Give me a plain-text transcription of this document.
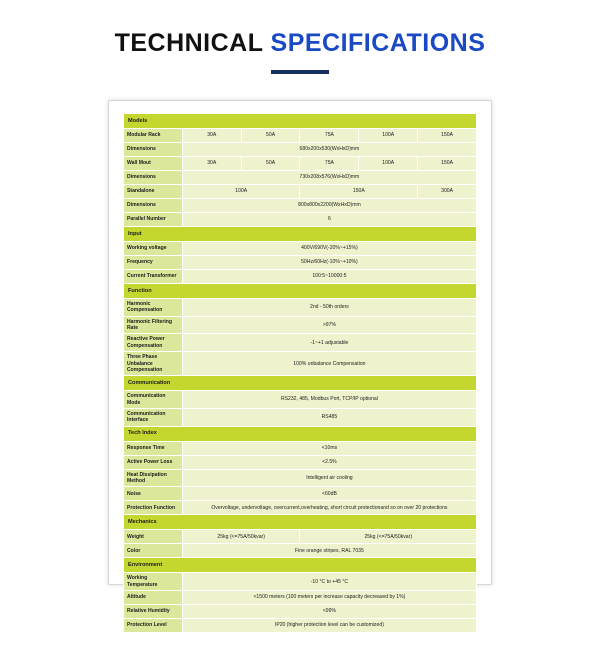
TECHNICAL SPECIFICATIONS
Models					
Modular Rack	30A	50A	75A	100A	150A
Dimensions	680x200x530(WxHxD)mm				
Wall Mout	30A	50A	75A	100A	150A
Dimensions	730x208x576(WxHxD)mm				
Standalone	100A		150A		300A
Dimensions	800x800x2200(WxHxD)mm				
Parallel Number	6				
Input					
Working voltage	400V/690V(-20%~+15%)				
Frequency	50Hz/60Hz(-10%~+10%)				
Current Transformer	100:5~10000:5				
Function					
Harmonic Compensation	2nd - 50th orders				
Harmonic Filtering Rate	>97%				
Reactive Power Compensation	-1~+1 adjustable				
Three Phase Unbalance Compensation	100% unbalance Compensation				
Communication					
Communication Mode	RS232, 485, Modbus Port, TCP/IP optional				
Communication Interface	RS485				
Tech Index					
Response Time	<10ms				
Active Power Loss	<2.5%				
Heat Dissipation Method	Intelligent air cooling				
Noise	<60dB				
Protection Function	Overvoltage, undervoltage, overcurrent,overheating, short circuit protectionand so on over 20 protections				
Mechanics					
Weight	25kg (<=75A/50kvar)		25kg (<=75A/50kvar)		
Color	Fine orange stripes, RAL 7035				
Environment					
Working Temperature	-10 °C to +45 °C				
Altitude	<1500 meters (100 meters per increase capacity decreased by 1%)				
Relative Humidity	<99%				
Protection Level	IP20 (higher protection level can be customized)				
